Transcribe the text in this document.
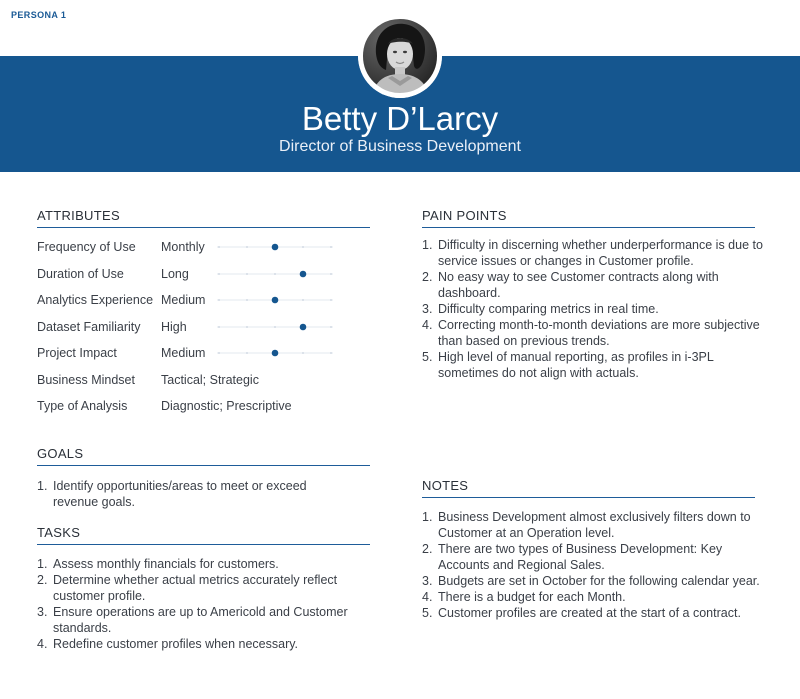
PERSONA 1
Betty D’Larcy
Director of Business Development
ATTRIBUTES
Frequency of Use Monthly
Duration of Use	Long
Analytics Experience Medium
Dataset Familiarity High
Project Impact	Medium
Business Mindset Tactical; Strategic
Type of Analysis	Diagnostic; Prescriptive
GOALS
1. Identify opportunities/areas to meet or exceed
revenue goals.
TASKS
1. Assess monthly financials for customers.
2. Determine whether actual metrics accurately reflect
customer profile.
3. Ensure operations are up to Americold and Customer
standards.
4. Redefine customer profiles when necessary.
PAIN POINTS
1. Difficulty in discerning whether underperformance is due to
service issues or changes in Customer profile.
2. No easy way to see Customer contracts along with
dashboard.
3. Difficulty comparing metrics in real time.
4. Correcting month-to-month deviations are more subjective
than based on previous trends.
5. High level of manual reporting, as profiles in i-3PL
sometimes do not align with actuals.
NOTES
1. Business Development almost exclusively filters down to
Customer at an Operation level.
2. There are two types of Business Development: Key
Accounts and Regional Sales.
3. Budgets are set in October for the following calendar year.
4. There is a budget for each Month.
5. Customer profiles are created at the start of a contract.
